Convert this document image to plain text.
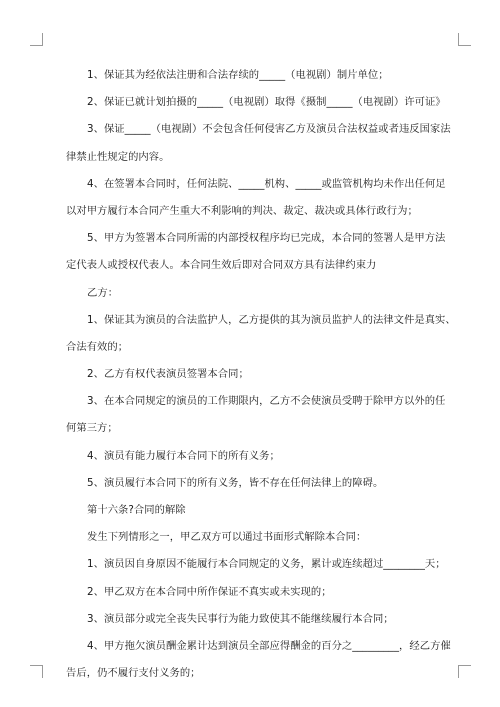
1、保证其为经依法注册和合法存续的_____（电视剧）制片单位；
2、保证已就计划拍摄的_____（电视剧）取得《摄制_____（电视剧）许可证》
3、保证_____（电视剧）不会包含任何侵害乙方及演员合法权益或者违反国家法
律禁止性规定的内容。
4、在签署本合同时，任何法院、_____机构、_____或监管机构均未作出任何足
以对甲方履行本合同产生重大不利影响的判决、裁定、裁决或具体行政行为；
5、甲方为签署本合同所需的内部授权程序均已完成，本合同的签署人是甲方法
定代表人或授权代表人。本合同生效后即对合同双方具有法律约束力
乙方：
1、保证其为演员的合法监护人，乙方提供的其为演员监护人的法律文件是真实、
合法有效的；
2、乙方有权代表演员签署本合同；
3、在本合同规定的演员的工作期限内，乙方不会使演员受聘于除甲方以外的任
何第三方；
4、演员有能力履行本合同下的所有义务；
5、演员履行本合同下的所有义务，皆不存在任何法律上的障碍。
第十六条?合同的解除
发生下列情形之一，甲乙双方可以通过书面形式解除本合同：
1、演员因自身原因不能履行本合同规定的义务，累计或连续超过________天；
2、甲乙双方在本合同中所作保证不真实或未实现的；
3、演员部分或完全丧失民事行为能力致使其不能继续履行本合同；
4、甲方拖欠演员酬金累计达到演员全部应得酬金的百分之_________，经乙方催
告后，仍不履行支付义务的；
